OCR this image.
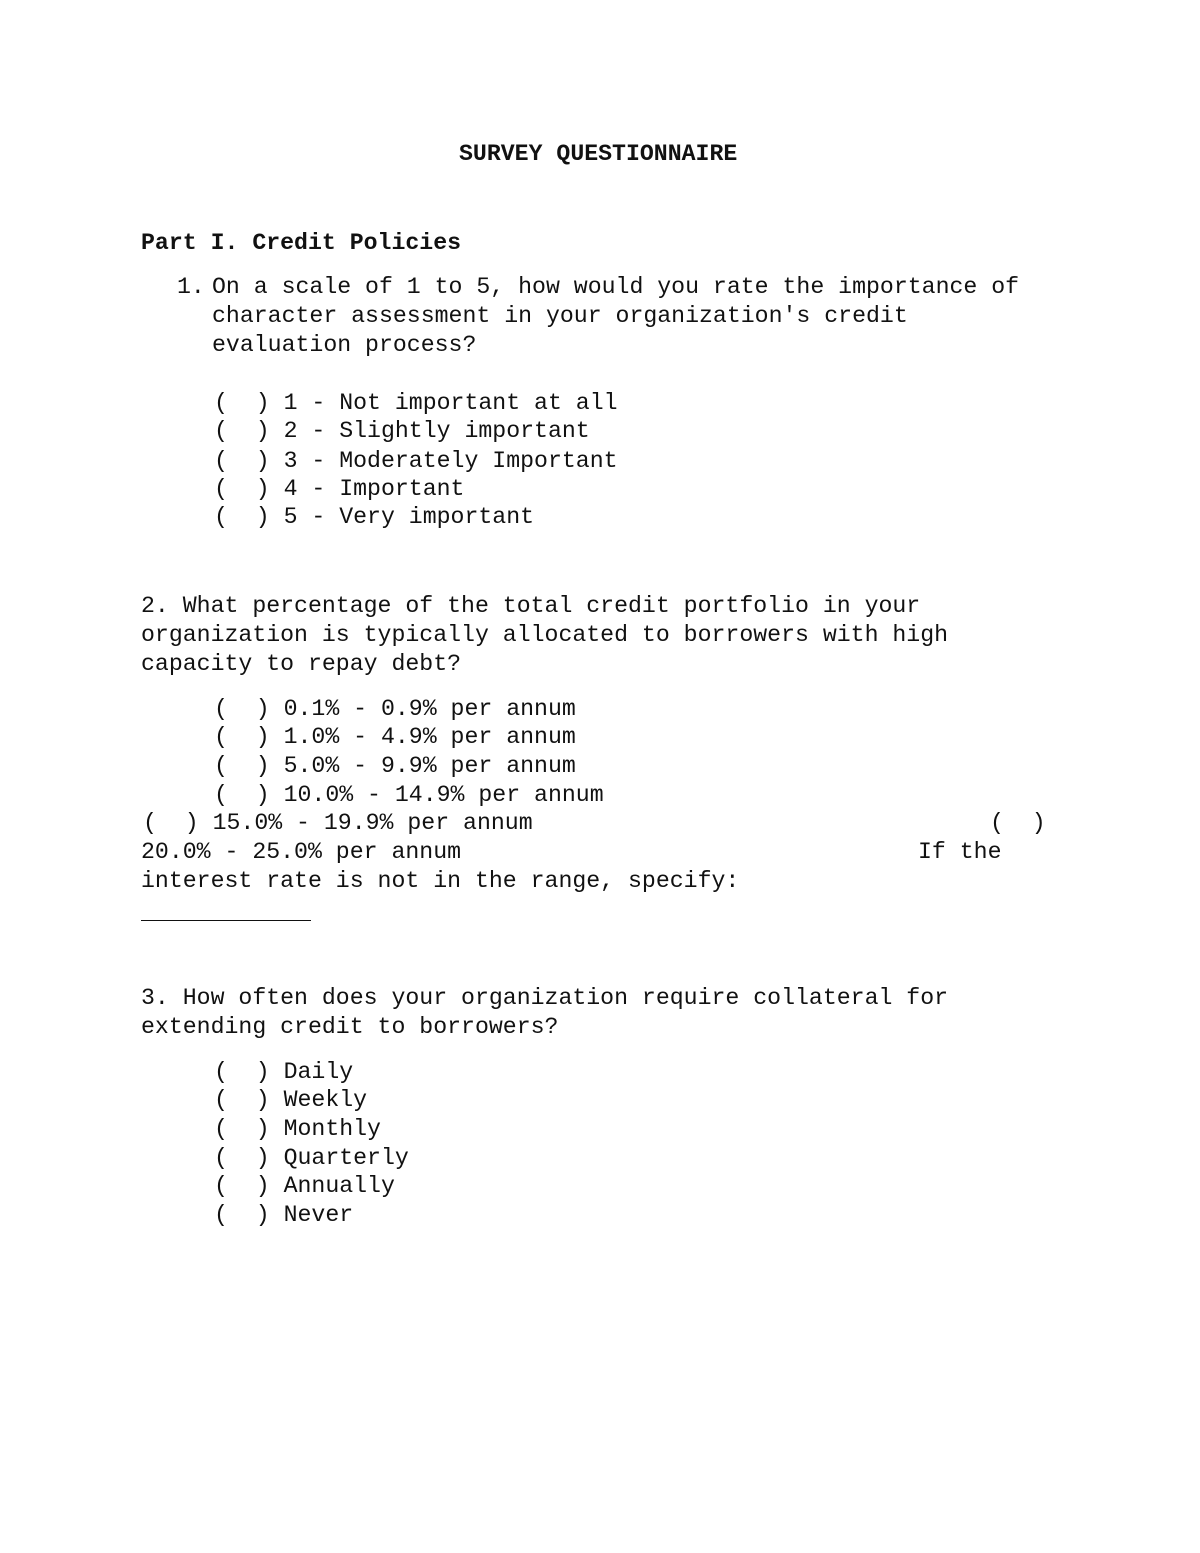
SURVEY QUESTIONNAIRE
Part I. Credit Policies
1. On a scale of 1 to 5, how would you rate the importance of
character assessment in your organization's credit
evaluation process?
(  ) 1 - Not important at all
(  ) 2 - Slightly important
(  ) 3 - Moderately Important
(  ) 4 - Important
(  ) 5 - Very important
2. What percentage of the total credit portfolio in your
organization is typically allocated to borrowers with high
capacity to repay debt?
(  ) 0.1% - 0.9% per annum
(  ) 1.0% - 4.9% per annum
(  ) 5.0% - 9.9% per annum
(  ) 10.0% - 14.9% per annum
(  ) 15.0% - 19.9% per annum	(  )
20.0% - 25.0% per annum	If the
interest rate is not in the range, specify:
3. How often does your organization require collateral for
extending credit to borrowers?
(  ) Daily
(  ) Weekly
(  ) Monthly
(  ) Quarterly
(  ) Annually
(  ) Never
